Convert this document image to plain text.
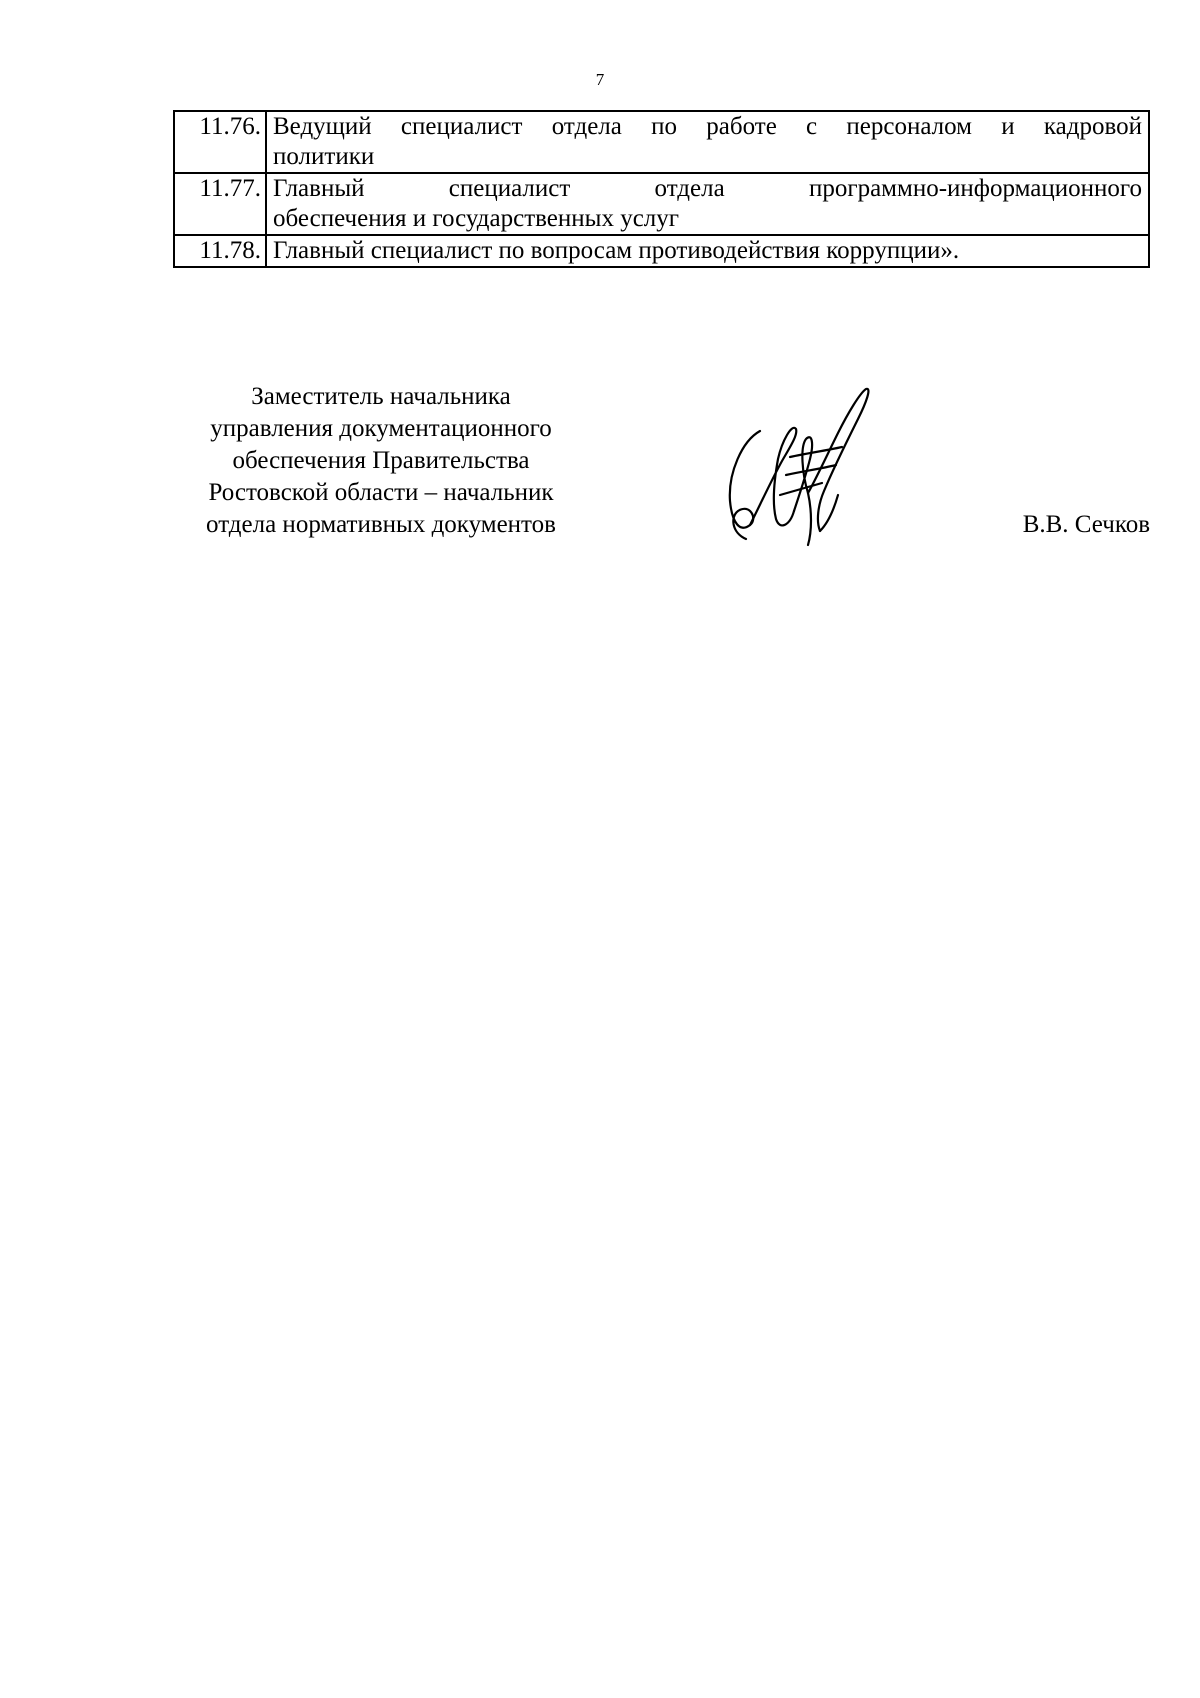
7
11.76.	Ведущий специалист отдела по работе с персоналом и кадровой
политики

11.77.	Главный специалист отдела программно-информационного
обеспечения и государственных услуг

11.78.	Главный специалист по вопросам противодействия коррупции».
Заместитель начальника
управления документационного
обеспечения Правительства
Ростовской области – начальник
отдела нормативных документов	В.В. Сечков
